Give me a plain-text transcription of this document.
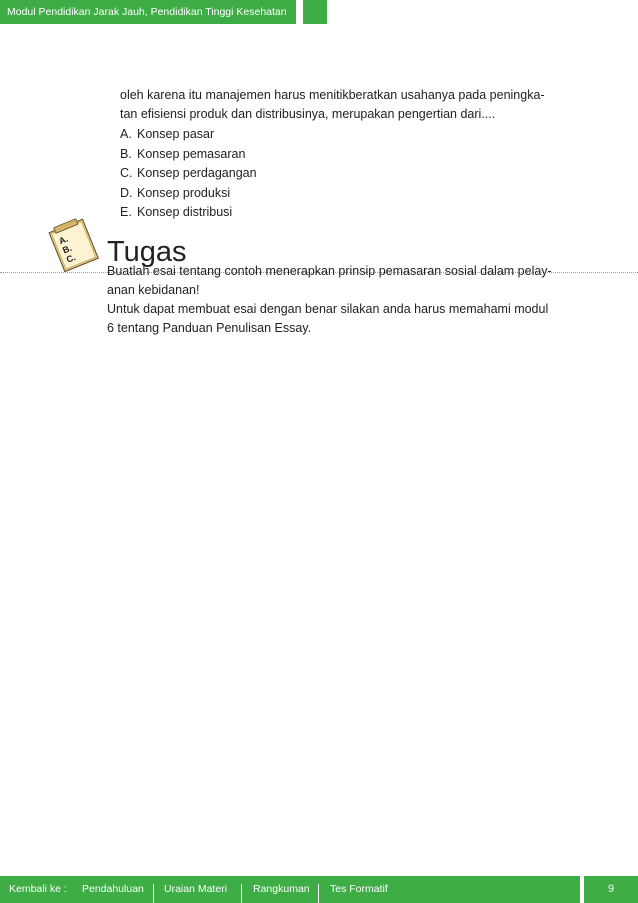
Modul Pendidikan Jarak Jauh, Pendidikan Tinggi Kesehatan

oleh karena itu manajemen harus menitikberatkan usahanya pada peningka-

tan efisiensi produk dan distribusinya, merupakan pengertian dari....

A. Konsep pasar
B. Konsep pemasaran
C. Konsep perdagangan
D. Konsep produksi
E. Konsep distribusi
A.
B.
C. Tugas

Buatlah esai tentang contoh menerapkan prinsip pemasaran sosial dalam pelay-

anan kebidanan!

Untuk dapat membuat esai dengan benar silakan anda harus memahami modul

6 tentang Panduan Penulisan Essay.

Kembali ke : Pendahuluan Uraian Materi Rangkuman Tes Formatif	9
